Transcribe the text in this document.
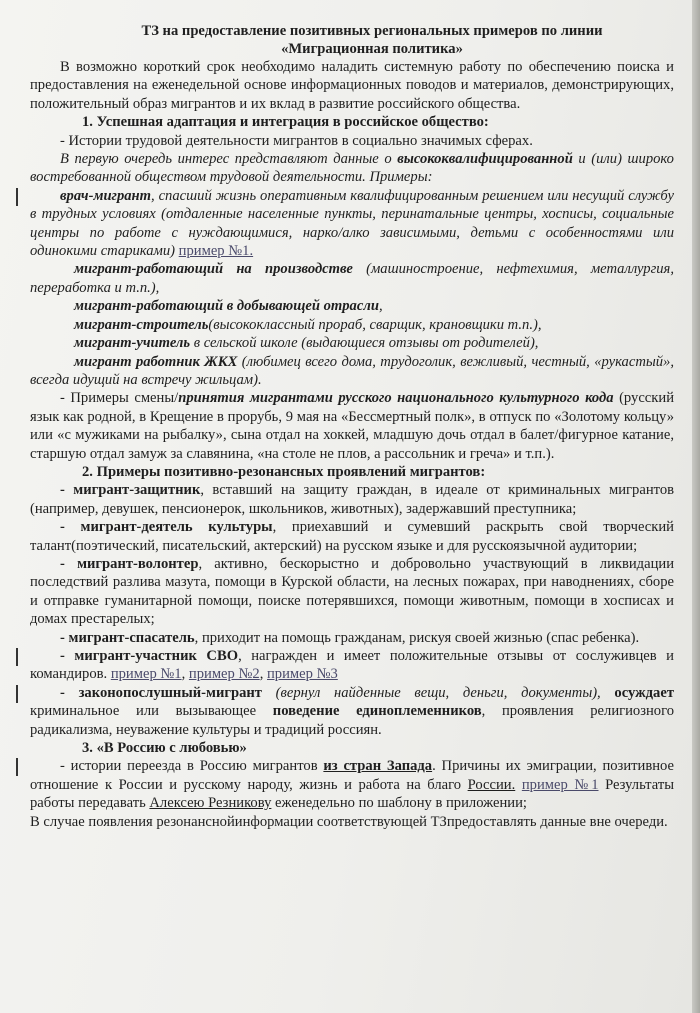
ТЗ на предоставление позитивных региональных примеров по линии
«Миграционная политика»

В возможно короткий срок необходимо наладить системную работу по обеспечению поиска и предоставления на еженедельной основе информационных поводов и материалов, демонстрирующих, положительный образ мигрантов и их вклад в развитие российского общества.

1. Успешная адаптация и интеграция в российское общество:

- Истории трудовой деятельности мигрантов в социально значимых сферах.

В первую очередь интерес представляют данные о высококвалифицированной и (или) широко востребованной обществом трудовой деятельности. Примеры:

врач-мигрант, спасший жизнь оперативным квалифицированным решением или несущий службу в трудных условиях (отдаленные населенные пункты, перинатальные центры, хосписы, социальные центры по работе с нуждающимися, нарко/алко зависимыми, детьми с особенностями или одинокими стариками) пример №1.

мигрант-работающий на производстве (машиностроение, нефтехимия, металлургия, переработка и т.п.),

мигрант-работающий в добывающей отрасли,

мигрант-строитель(высококлассный прораб, сварщик, крановщики т.п.),

мигрант-учитель в сельской школе (выдающиеся отзывы от родителей),

мигрант работник ЖКХ (любимец всего дома, трудоголик, вежливый, честный, «рукастый», всегда идущий на встречу жильцам).

- Примеры смены/принятия мигрантами русского национального культурного кода (русский язык как родной, в Крещение в прорубь, 9 мая на «Бессмертный полк», в отпуск по «Золотому кольцу» или «с мужиками на рыбалку», сына отдал на хоккей, младшую дочь отдал в балет/фигурное катание, старшую отдал замуж за славянина, «на столе не плов, а рассольник и греча» и т.п.).

2. Примеры позитивно-резонансных проявлений мигрантов:

- мигрант-защитник, вставший на защиту граждан, в идеале от криминальных мигрантов (например, девушек, пенсионерок, школьников, животных), задержавший преступника;

- мигрант-деятель культуры, приехавший и сумевший раскрыть свой творческий талант(поэтический, писательский, актерский) на русском языке и для русскоязычной аудитории;

- мигрант-волонтер, активно, бескорыстно и добровольно участвующий в ликвидации последствий разлива мазута, помощи в Курской области, на лесных пожарах, при наводнениях, сборе и отправке гуманитарной помощи, поиске потерявшихся, помощи животным, помощи в хосписах и домах престарелых;

- мигрант-спасатель, приходит на помощь гражданам, рискуя своей жизнью (спас ребенка).

- мигрант-участник СВО, награжден и имеет положительные отзывы от сослуживцев и командиров. пример №1, пример №2, пример №3

- законопослушный-мигрант (вернул найденные вещи, деньги, документы), осуждает криминальное или вызывающее поведение единоплеменников, проявления религиозного радикализма, неуважение культуры и традиций россиян.

3. «В Россию с любовью»

- истории переезда в Россию мигрантов из стран Запада. Причины их эмиграции, позитивное отношение к России и русскому народу, жизнь и работа на благо России. пример №1 Результаты работы передавать Алексею Резникову еженедельно по шаблону в приложении;

В случае появления резонанснойинформации соответствующей ТЗпредоставлять данные вне очереди.
